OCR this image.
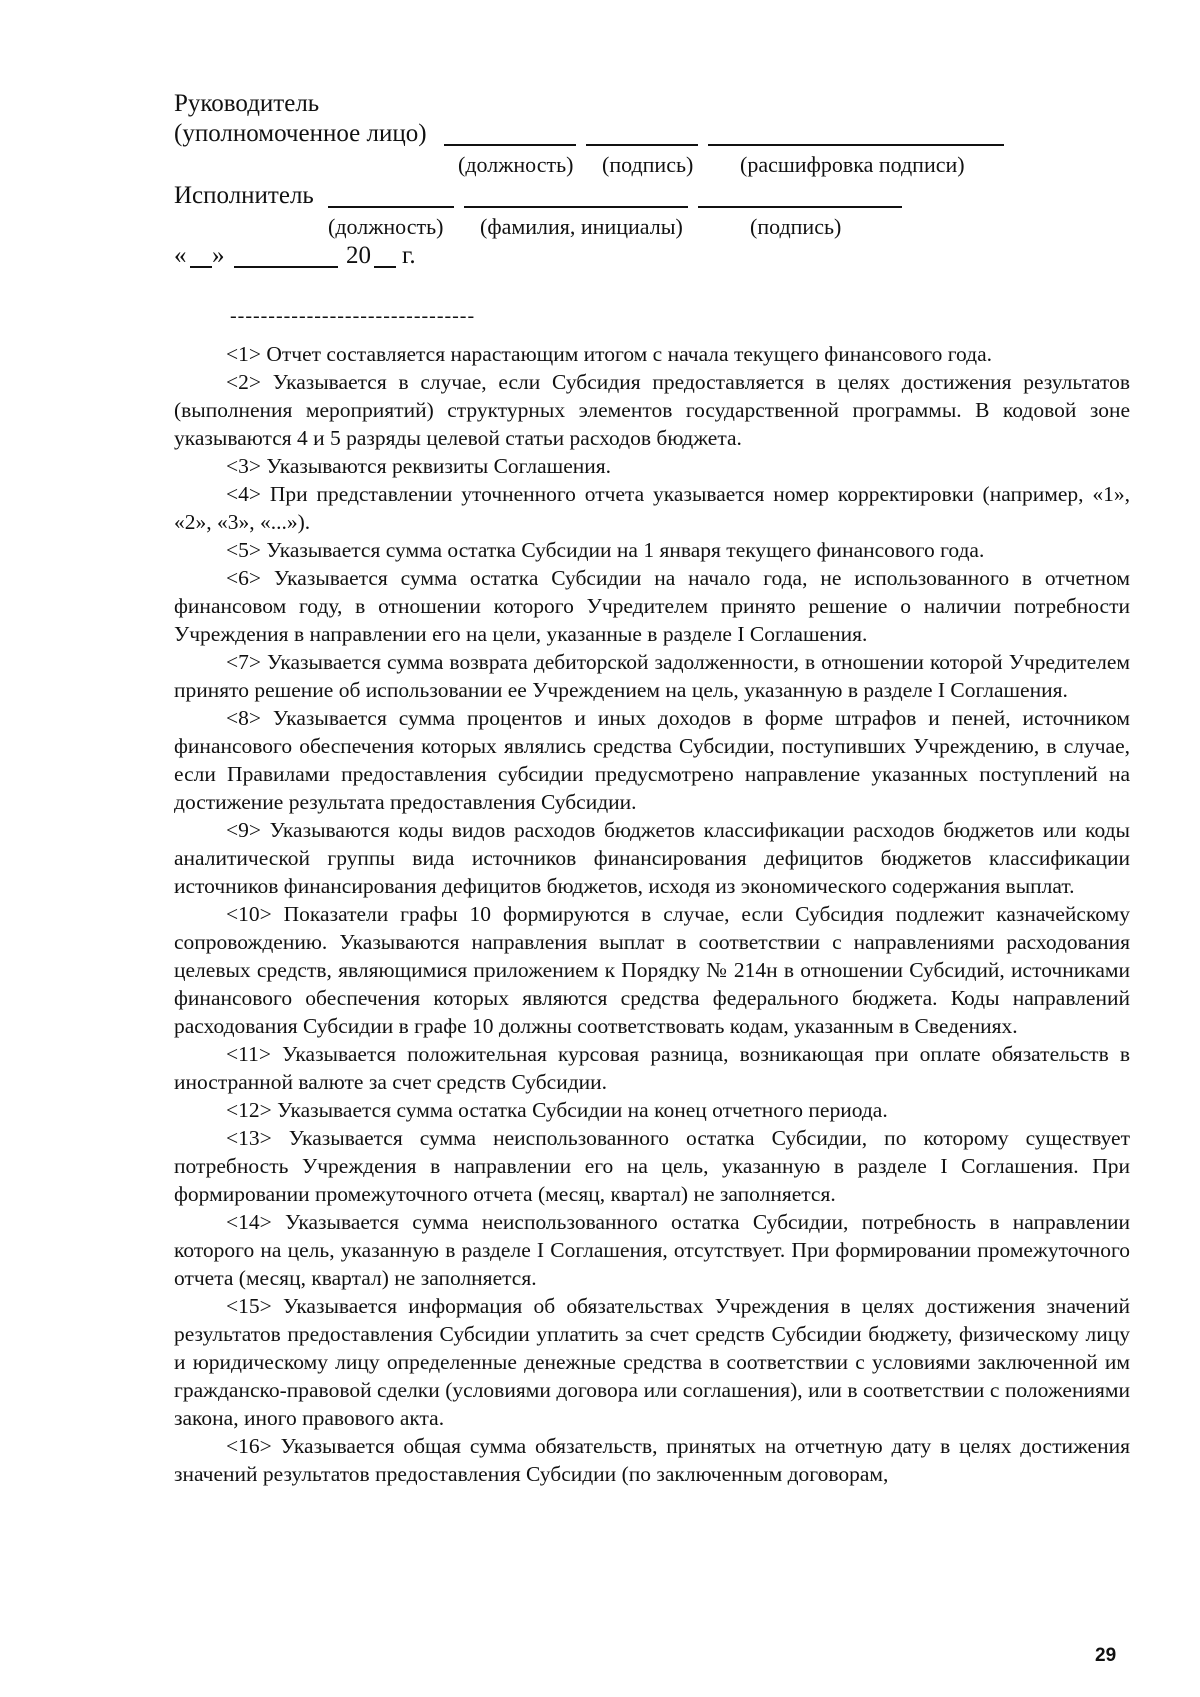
Руководитель
(уполномоченное лицо)
(должность) (подпись) (расшифровка подписи)
Исполнитель
(должность) (фамилия, инициалы)	(подпись)
« »	20 г.
--------------------------------

<1> Отчет составляется нарастающим итогом с начала текущего финансового года.

<2> Указывается в случае, если Субсидия предоставляется в целях достижения результатов (выполнения мероприятий) структурных элементов государственной программы. В кодовой зоне указываются 4 и 5 разряды целевой статьи расходов бюджета.

<3> Указываются реквизиты Соглашения.

<4> При представлении уточненного отчета указывается номер корректировки (например, «1», «2», «3», «...»).

<5> Указывается сумма остатка Субсидии на 1 января текущего финансового года.

<6> Указывается сумма остатка Субсидии на начало года, не использованного в отчетном финансовом году, в отношении которого Учредителем принято решение о наличии потребности Учреждения в направлении его на цели, указанные в разделе I Соглашения.

<7> Указывается сумма возврата дебиторской задолженности, в отношении которой Учредителем принято решение об использовании ее Учреждением на цель, указанную в разделе I Соглашения.

<8> Указывается сумма процентов и иных доходов в форме штрафов и пеней, источником финансового обеспечения которых являлись средства Субсидии, поступивших Учреждению, в случае, если Правилами предоставления субсидии предусмотрено направление указанных поступлений на достижение результата предоставления Субсидии.

<9> Указываются коды видов расходов бюджетов классификации расходов бюджетов или коды аналитической группы вида источников финансирования дефицитов бюджетов классификации источников финансирования дефицитов бюджетов, исходя из экономического содержания выплат.

<10> Показатели графы 10 формируются в случае, если Субсидия подлежит казначейскому сопровождению. Указываются направления выплат в соответствии с направлениями расходования целевых средств, являющимися приложением к Порядку № 214н в отношении Субсидий, источниками финансового обеспечения которых являются средства федерального бюджета. Коды направлений расходования Субсидии в графе 10 должны соответствовать кодам, указанным в Сведениях.

<11> Указывается положительная курсовая разница, возникающая при оплате обязательств в иностранной валюте за счет средств Субсидии.

<12> Указывается сумма остатка Субсидии на конец отчетного периода.

<13> Указывается сумма неиспользованного остатка Субсидии, по которому существует потребность Учреждения в направлении его на цель, указанную в разделе I Соглашения. При формировании промежуточного отчета (месяц, квартал) не заполняется.

<14> Указывается сумма неиспользованного остатка Субсидии, потребность в направлении которого на цель, указанную в разделе I Соглашения, отсутствует. При формировании промежуточного отчета (месяц, квартал) не заполняется.

<15> Указывается информация об обязательствах Учреждения в целях достижения значений результатов предоставления Субсидии уплатить за счет средств Субсидии бюджету, физическому лицу и юридическому лицу определенные денежные средства в соответствии с условиями заключенной им гражданско-правовой сделки (условиями договора или соглашения), или в соответствии с положениями закона, иного правового акта.

<16> Указывается общая сумма обязательств, принятых на отчетную дату в целях достижения значений результатов предоставления Субсидии (по заключенным договорам,

29
